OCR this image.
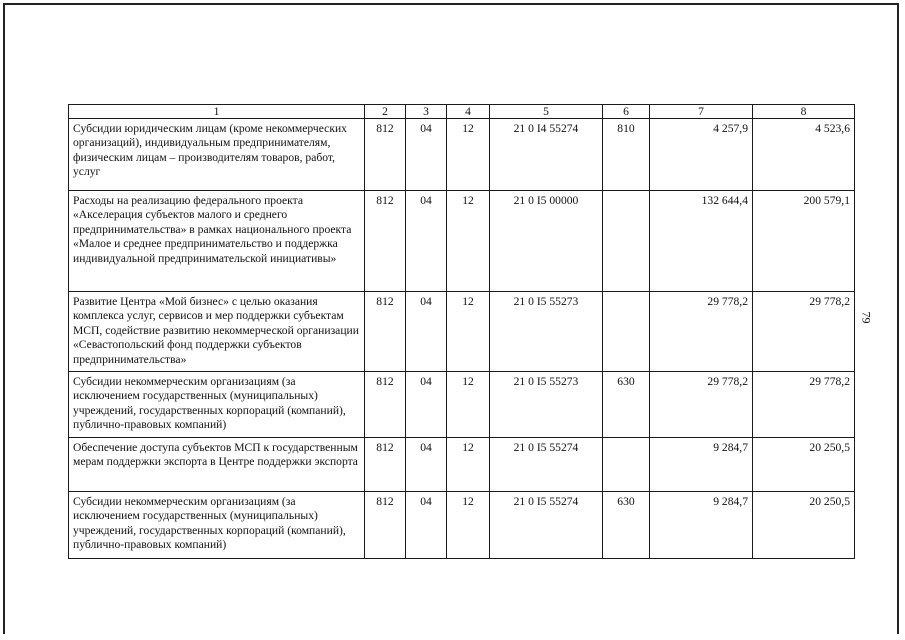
1	2	3	4	5	6	7	8
Субсидии юридическим лицам (кроме некоммерческих организаций), индивидуальным предпринимателям, физическим лицам – производителям товаров, работ, услуг	812	04	12	21 0 I4 55274	810	4 257,9	4 523,6
Расходы на реализацию федерального проекта «Акселерация субъектов малого и среднего предпринимательства» в рамках национального проекта «Малое и среднее предпринимательство и поддержка индивидуальной предпринимательской инициативы»	812	04	12	21 0 I5 00000		132 644,4	200 579,1
Развитие Центра «Мой бизнес» с целью оказания комплекса услуг, сервисов и мер поддержки субъектам МСП, содействие развитию некоммерческой организации «Севастопольский фонд поддержки субъектов предпринимательства»	812	04	12	21 0 I5 55273		29 778,2	29 778,2
Субсидии некоммерческим организациям (за исключением государственных (муниципальных) учреждений, государственных корпораций (компаний), публично-правовых компаний)	812	04	12	21 0 I5 55273	630	29 778,2	29 778,2
Обеспечение доступа субъектов МСП к государственным мерам поддержки экспорта в Центре поддержки экспорта	812	04	12	21 0 I5 55274		9 284,7	20 250,5
Субсидии некоммерческим организациям (за исключением государственных (муниципальных) учреждений, государственных корпораций (компаний), публично-правовых компаний)	812	04	12	21 0 I5 55274	630	9 284,7	20 250,5
79
